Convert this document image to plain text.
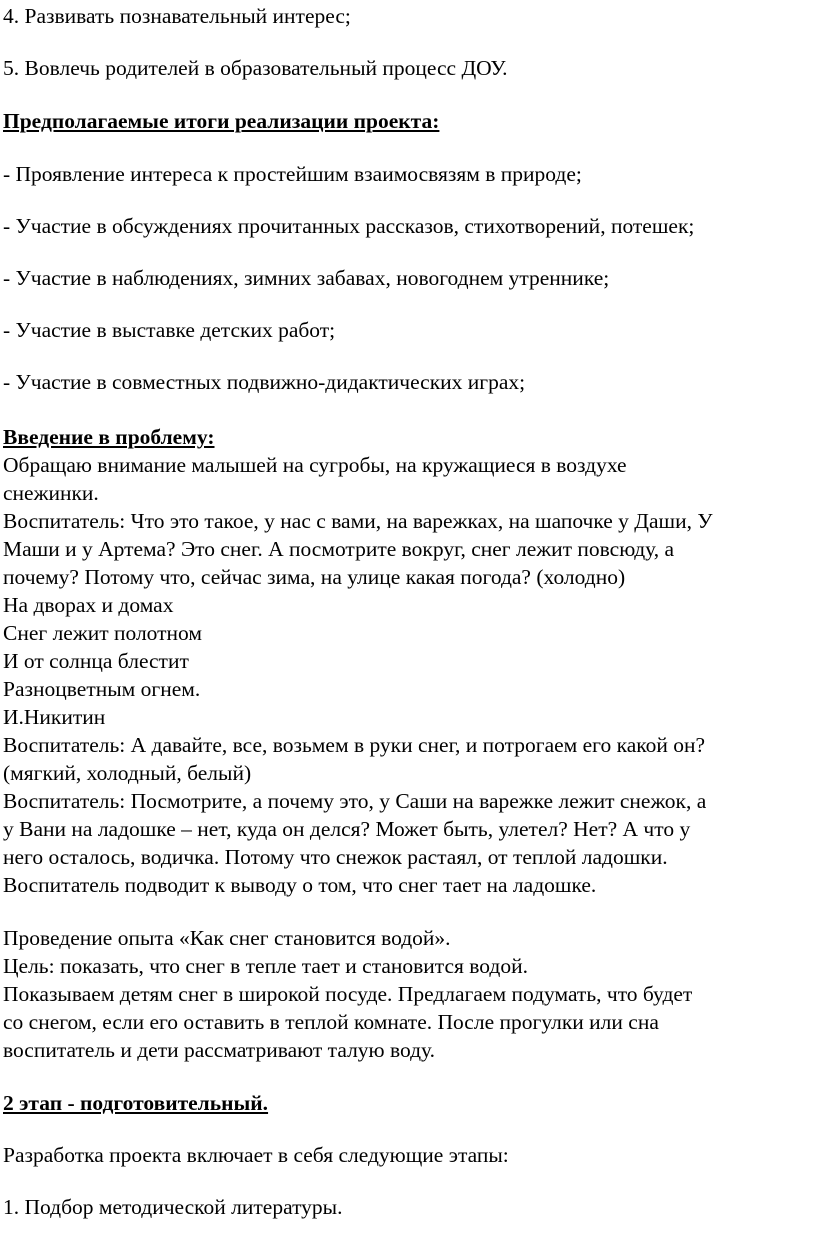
4. Развивать познавательный интерес;
5. Вовлечь родителей в образовательный процесс ДОУ.
Предполагаемые итоги реализации проекта:
- Проявление интереса к простейшим взаимосвязям в природе;
- Участие в обсуждениях прочитанных рассказов, стихотворений, потешек;
- Участие в наблюдениях, зимних забавах, новогоднем утреннике;
- Участие в выставке детских работ;
- Участие в совместных подвижно-дидактических играх;
Введение в проблему:
Обращаю внимание малышей на сугробы, на кружащиеся в воздухе
снежинки.
Воспитатель: Что это такое, у нас с вами, на варежках, на шапочке у Даши, У
Маши и у Артема? Это снег. А посмотрите вокруг, снег лежит повсюду, а
почему? Потому что, сейчас зима, на улице какая погода? (холодно)
На дворах и домах
Снег лежит полотном
И от солнца блестит
Разноцветным огнем.
И.Никитин
Воспитатель: А давайте, все, возьмем в руки снег, и потрогаем его какой он?
(мягкий, холодный, белый)
Воспитатель: Посмотрите, а почему это, у Саши на варежке лежит снежок, а
у Вани на ладошке – нет, куда он делся? Может быть, улетел? Нет? А что у
него осталось, водичка. Потому что снежок растаял, от теплой ладошки.
Воспитатель подводит к выводу о том, что снег тает на ладошке.
Проведение опыта «Как снег становится водой».
Цель: показать, что снег в тепле тает и становится водой.
Показываем детям снег в широкой посуде. Предлагаем подумать, что будет
со снегом, если его оставить в теплой комнате. После прогулки или сна
воспитатель и дети рассматривают талую воду.
2 этап - подготовительный.
Разработка проекта включает в себя следующие этапы:
1. Подбор методической литературы.
